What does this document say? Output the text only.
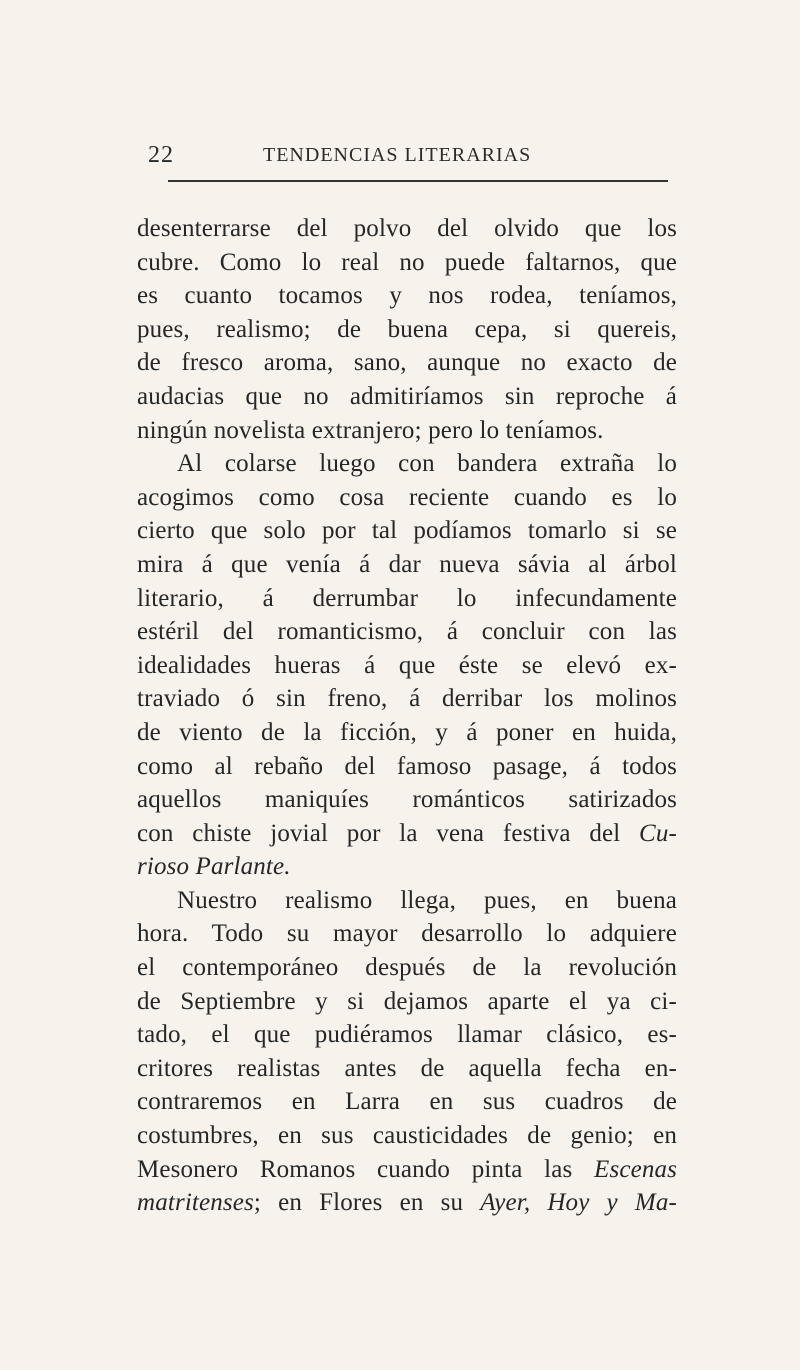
22	TENDENCIAS LITERARIAS
desenterrarse del polvo del olvido que los
cubre. Como lo real no puede faltarnos, que
es cuanto tocamos y nos rodea, teníamos,
pues, realismo; de buena cepa, si quereis,
de fresco aroma, sano, aunque no exacto de
audacias que no admitiríamos sin reproche á
ningún novelista extranjero; pero lo teníamos.
Al colarse luego con bandera extraña lo
acogimos como cosa reciente cuando es lo
cierto que solo por tal podíamos tomarlo si se
mira á que venía á dar nueva sávia al árbol
literario, á derrumbar lo infecundamente
estéril del romanticismo, á concluir con las
idealidades hueras á que éste se elevó ex-
traviado ó sin freno, á derribar los molinos
de viento de la ficción, y á poner en huida,
como al rebaño del famoso pasage, á todos
aquellos maniquíes románticos satirizados
con chiste jovial por la vena festiva del Cu-
rioso Parlante.
Nuestro realismo llega, pues, en buena
hora. Todo su mayor desarrollo lo adquiere
el contemporáneo después de la revolución
de Septiembre y si dejamos aparte el ya ci-
tado, el que pudiéramos llamar clásico, es-
critores realistas antes de aquella fecha en-
contraremos en Larra en sus cuadros de
costumbres, en sus causticidades de genio; en
Mesonero Romanos cuando pinta las Escenas
matritenses; en Flores en su Ayer, Hoy y Ma-
